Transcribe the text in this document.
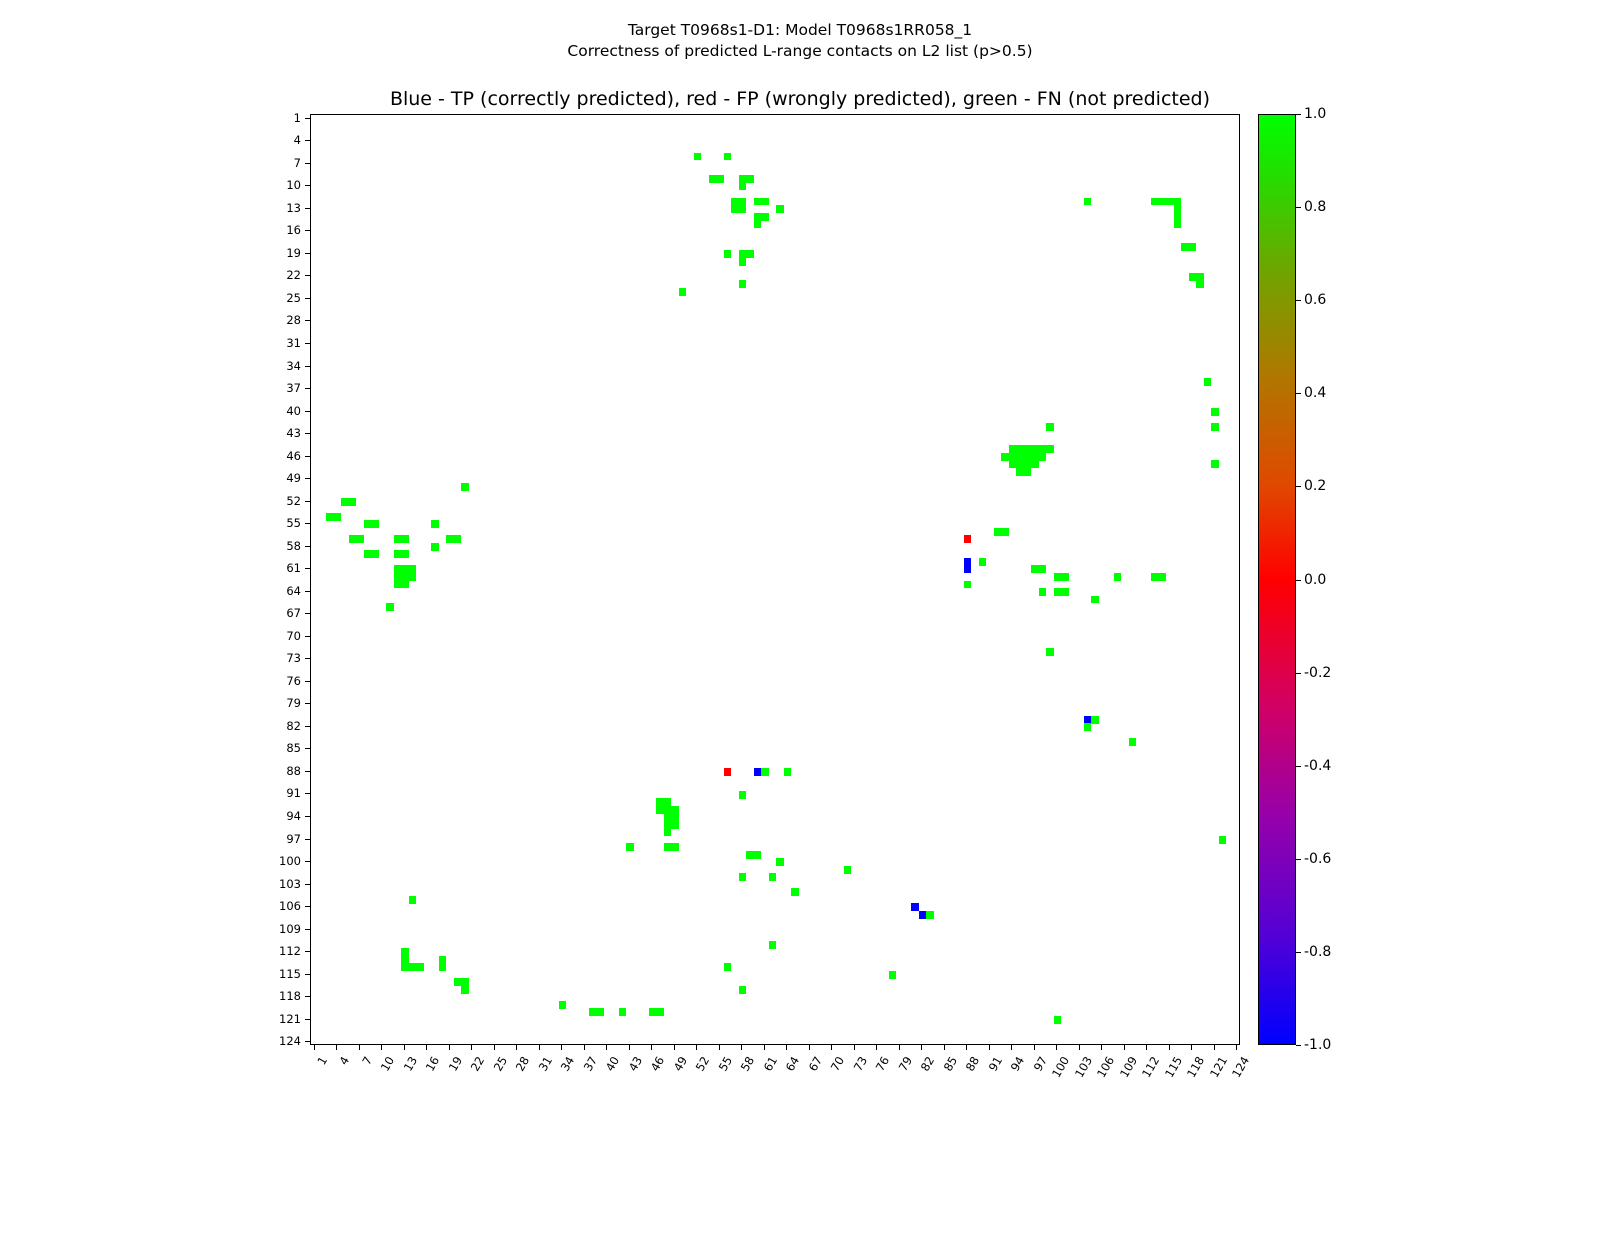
Target T0968s1-D1: Model T0968s1RR058_1
Correctness of predicted L-range contacts on L2 list (p>0.5)
Blue - TP (correctly predicted), red - FP (wrongly predicted), green - FN (not predicted)
1
4
7
10
13
16
19
22
25
28
31
34
37
40
43
46
49
52
55
58
61
64
67
70
73
76
79
82
85
88
91
94
97
100
103
106
109
112
115
118
121
124
1 4 7 10 13 16 19 22 25 28 31 34 37 40 43 46 49 52 55 58 61 64 67 70 73 76 79 82 85 88 91 94 97 100 103 106 109 112 115 118 121 124
1.0
0.8
0.6
0.4
0.2
0.0
-0.2
-0.4
-0.6
-0.8
-1.0
